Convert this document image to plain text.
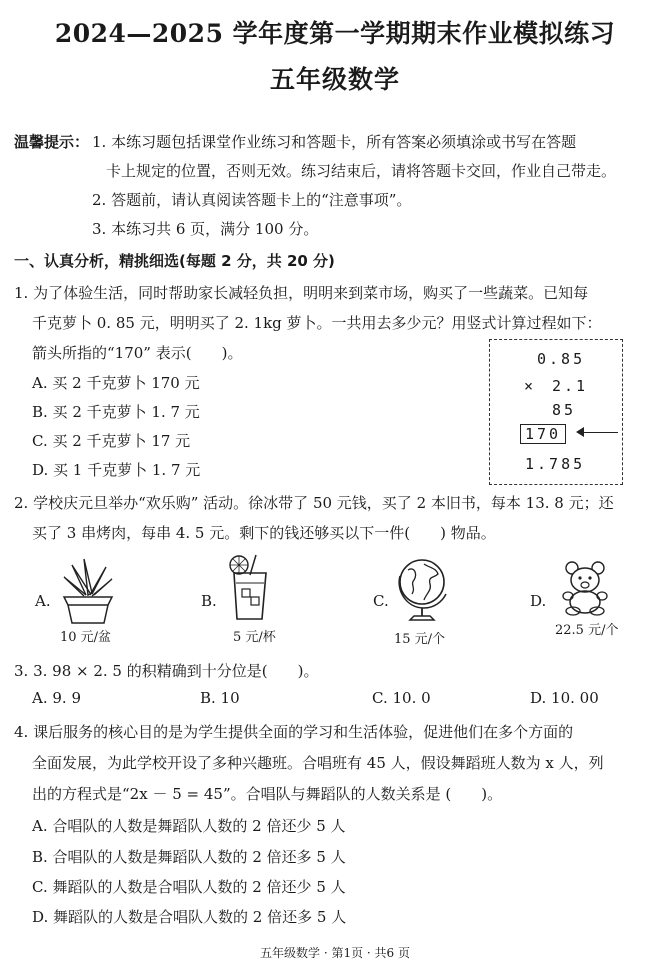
2024—2025 学年度第一学期期末作业模拟练习
五年级数学
温馨提示： 1. 本练习题包括课堂作业练习和答题卡，所有答案必须填涂或书写在答题
卡上规定的位置，否则无效。练习结束后，请将答题卡交回，作业自己带走。
2. 答题前，请认真阅读答题卡上的“注意事项”。
3. 本练习共 6 页，满分 100 分。
一、认真分析，精挑细选(每题 2 分，共 20 分)
1. 为了体验生活，同时帮助家长减轻负担，明明来到菜市场，购买了一些蔬菜。已知每
千克萝卜 0. 85 元，明明买了 2. 1kg 萝卜。一共用去多少元？用竖式计算过程如下：
箭头所指的“170” 表示(　　)。
A. 买 2 千克萝卜 170 元
B. 买 2 千克萝卜 1. 7 元
C. 买 2 千克萝卜 17 元
D. 买 1 千克萝卜 1. 7 元
0.85
× 2.1
85
170
1.785
2. 学校庆元旦举办“欢乐购” 活动。徐冰带了 50 元钱，买了 2 本旧书，每本 13. 8 元；还
买了 3 串烤肉，每串 4. 5 元。剩下的钱还够买以下一件(　　) 物品。
A.
10 元/盆
B.
5 元/杯
C.
15 元/个
D.
22.5 元/个
3. 3. 98 × 2. 5 的积精确到十分位是(　　)。
A. 9. 9	B. 10	C. 10. 0	D. 10. 00
4. 课后服务的核心目的是为学生提供全面的学习和生活体验，促进他们在多个方面的
全面发展，为此学校开设了多种兴趣班。合唱班有 45 人，假设舞蹈班人数为 x 人，列
出的方程式是“2x － 5 = 45”。合唱队与舞蹈队的人数关系是 (　　)。
A. 合唱队的人数是舞蹈队人数的 2 倍还少 5 人
B. 合唱队的人数是舞蹈队人数的 2 倍还多 5 人
C. 舞蹈队的人数是合唱队人数的 2 倍还少 5 人
D. 舞蹈队的人数是合唱队人数的 2 倍还多 5 人
五年级数学 · 第1页 · 共6 页
